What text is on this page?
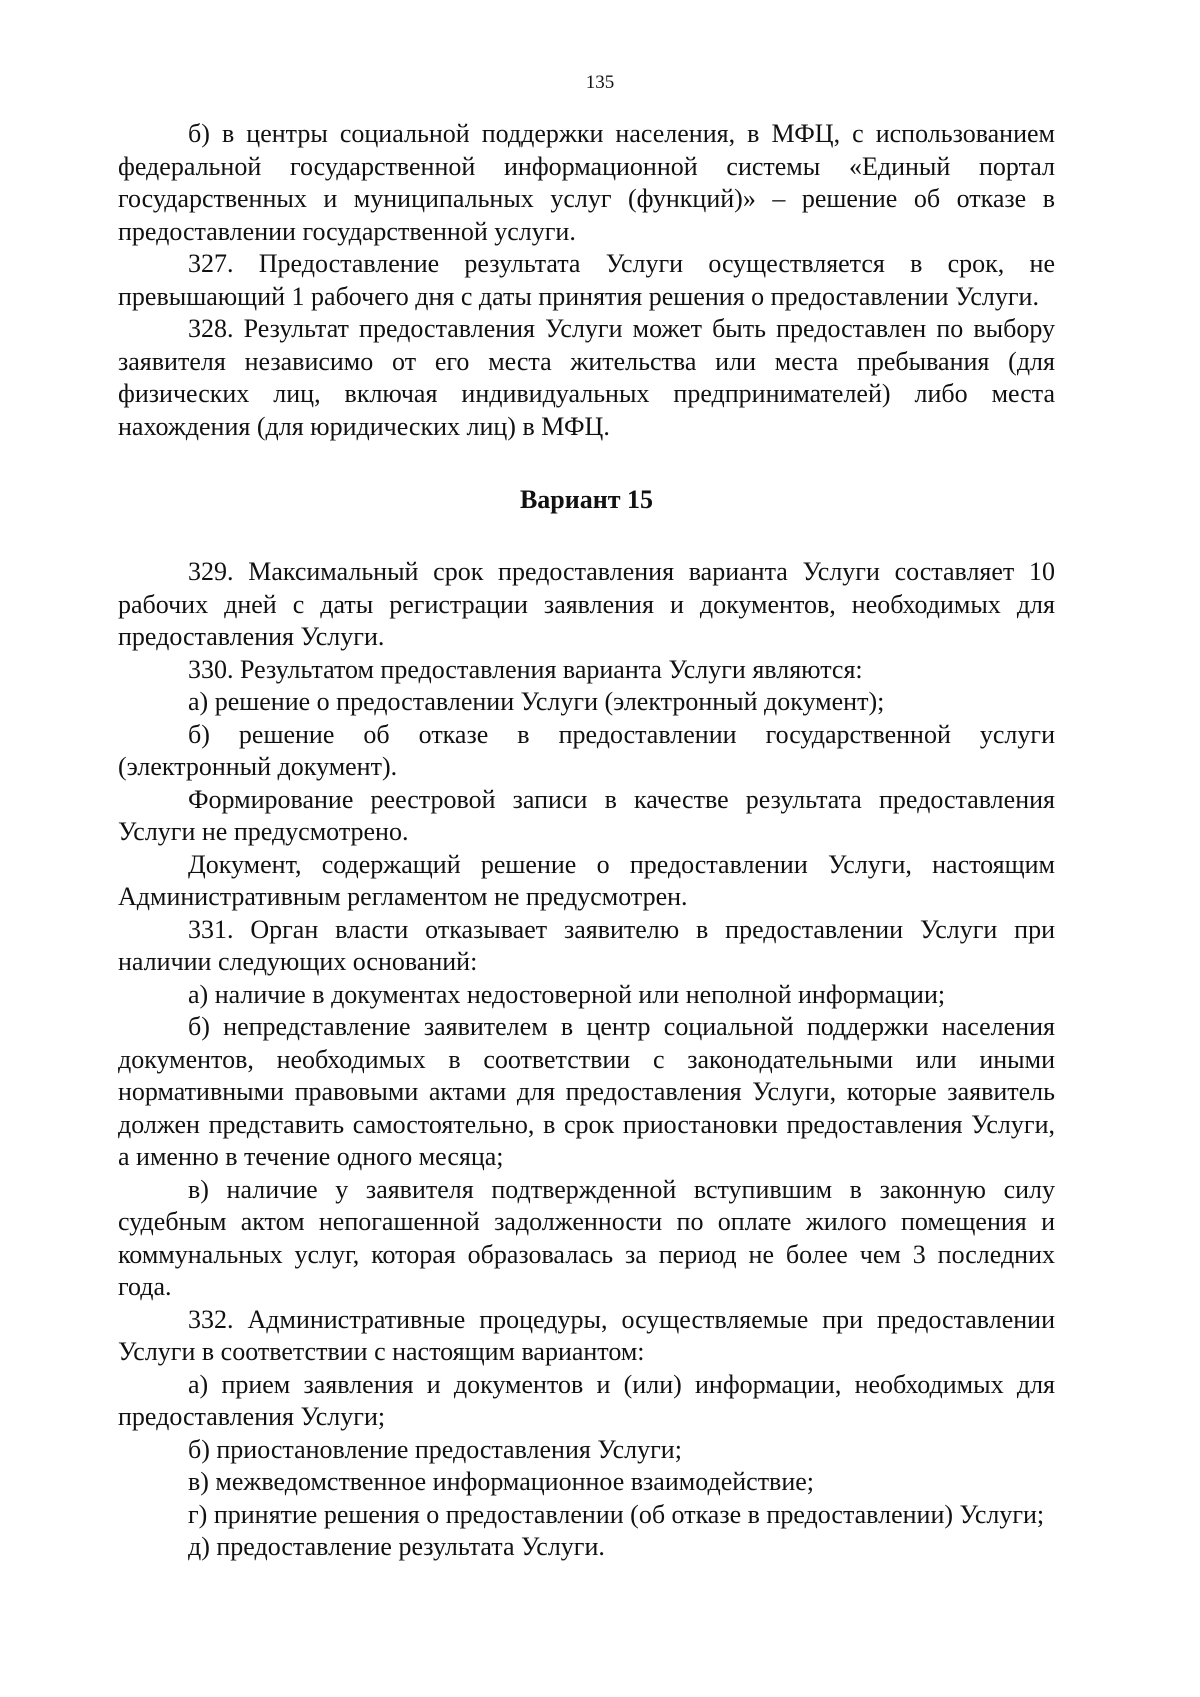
135

б) в центры социальной поддержки населения, в МФЦ, с использованием федеральной государственной информационной системы «Единый портал государственных и муниципальных услуг (функций)» – решение об отказе в предоставлении государственной услуги.

327. Предоставление результата Услуги осуществляется в срок, не превышающий 1 рабочего дня с даты принятия решения о предоставлении Услуги.

328. Результат предоставления Услуги может быть предоставлен по выбору заявителя независимо от его места жительства или места пребывания (для физических лиц, включая индивидуальных предпринимателей) либо места нахождения (для юридических лиц) в МФЦ.

Вариант 15

329. Максимальный срок предоставления варианта Услуги составляет 10 рабочих дней с даты регистрации заявления и документов, необходимых для предоставления Услуги.

330. Результатом предоставления варианта Услуги являются:

а) решение о предоставлении Услуги (электронный документ);

б) решение об отказе в предоставлении государственной услуги (электронный документ).

Формирование реестровой записи в качестве результата предоставления Услуги не предусмотрено.

Документ, содержащий решение о предоставлении Услуги, настоящим Административным регламентом не предусмотрен.

331. Орган власти отказывает заявителю в предоставлении Услуги при наличии следующих оснований:

а) наличие в документах недостоверной или неполной информации;

б) непредставление заявителем в центр социальной поддержки населения документов, необходимых в соответствии с законодательными или иными нормативными правовыми актами для предоставления Услуги, которые заявитель должен представить самостоятельно, в срок приостановки предоставления Услуги, а именно в течение одного месяца;

в) наличие у заявителя подтвержденной вступившим в законную силу судебным актом непогашенной задолженности по оплате жилого помещения и коммунальных услуг, которая образовалась за период не более чем 3 последних года.

332. Административные процедуры, осуществляемые при предоставлении Услуги в соответствии с настоящим вариантом:

а) прием заявления и документов и (или) информации, необходимых для предоставления Услуги;

б) приостановление предоставления Услуги;

в) межведомственное информационное взаимодействие;

г) принятие решения о предоставлении (об отказе в предоставлении) Услуги;

д) предоставление результата Услуги.
